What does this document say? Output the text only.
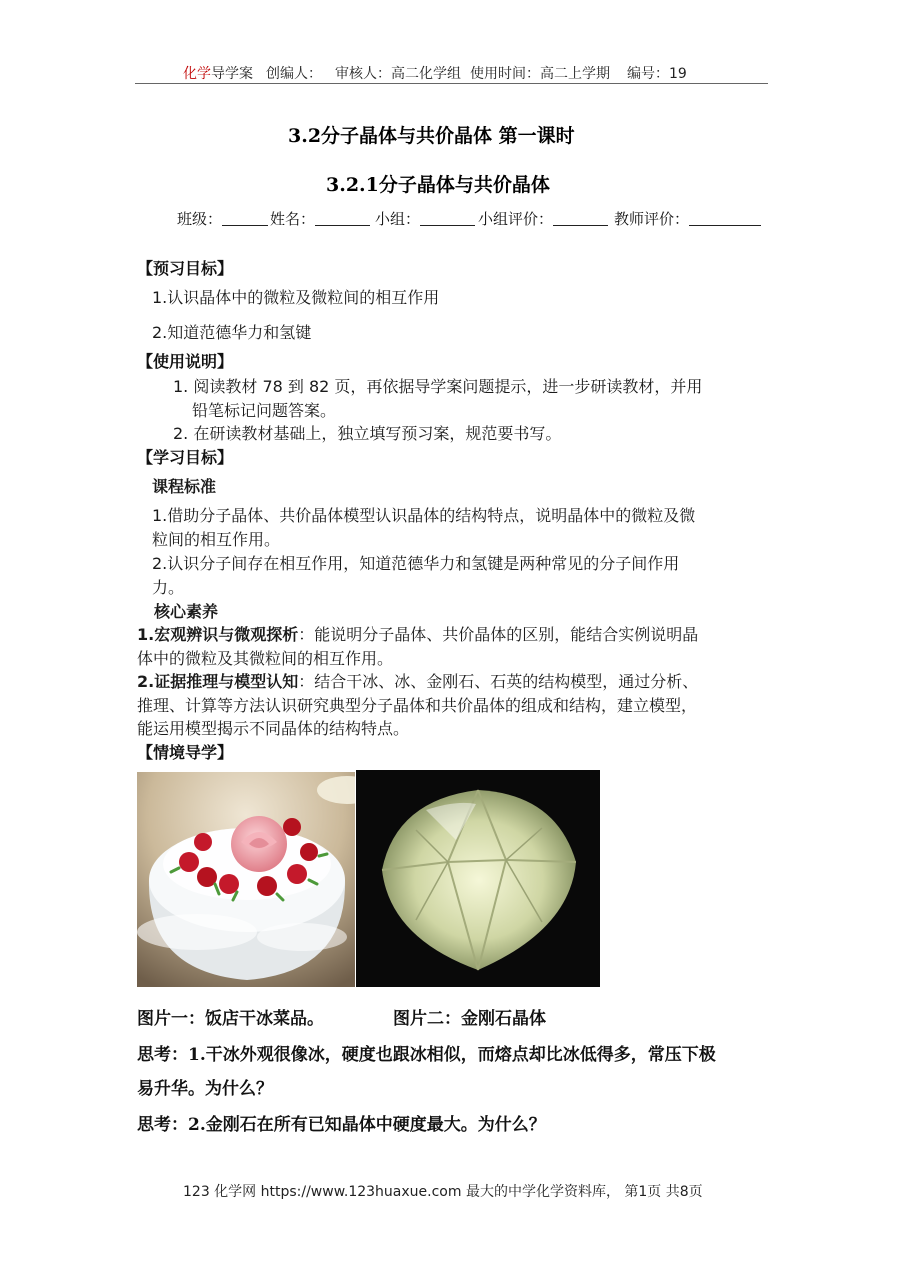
化学导学案 创编人： 审核人：高二化学组 使用时间：高二上学期 编号：19
3.2分子晶体与共价晶体 第一课时
3.2.1分子晶体与共价晶体
班级：	姓名：	小组：	小组评价：	教师评价：
【预习目标】
1.认识晶体中的微粒及微粒间的相互作用
2.知道范德华力和氢键
【使用说明】
1. 阅读教材 78 到 82 页，再依据导学案问题提示，进一步研读教材，并用
铅笔标记问题答案。
2. 在研读教材基础上，独立填写预习案，规范要书写。
【学习目标】
课程标准
1.借助分子晶体、共价晶体模型认识晶体的结构特点，说明晶体中的微粒及微
粒间的相互作用。
2.认识分子间存在相互作用，知道范德华力和氢键是两种常见的分子间作用
力。
核心素养
1.宏观辨识与微观探析：能说明分子晶体、共价晶体的区别，能结合实例说明晶
体中的微粒及其微粒间的相互作用。
2.证据推理与模型认知：结合干冰、冰、金刚石、石英的结构模型，通过分析、
推理、计算等方法认识研究典型分子晶体和共价晶体的组成和结构，建立模型，
能运用模型揭示不同晶体的结构特点。
【情境导学】
图片一：饭店干冰菜品。	图片二：金刚石晶体
思考：1.干冰外观很像冰，硬度也跟冰相似，而熔点却比冰低得多，常压下极
易升华。为什么？
思考：2.金刚石在所有已知晶体中硬度最大。为什么？
123 化学网 https://www.123huaxue.com 最大的中学化学资料库， 第1页 共8页
